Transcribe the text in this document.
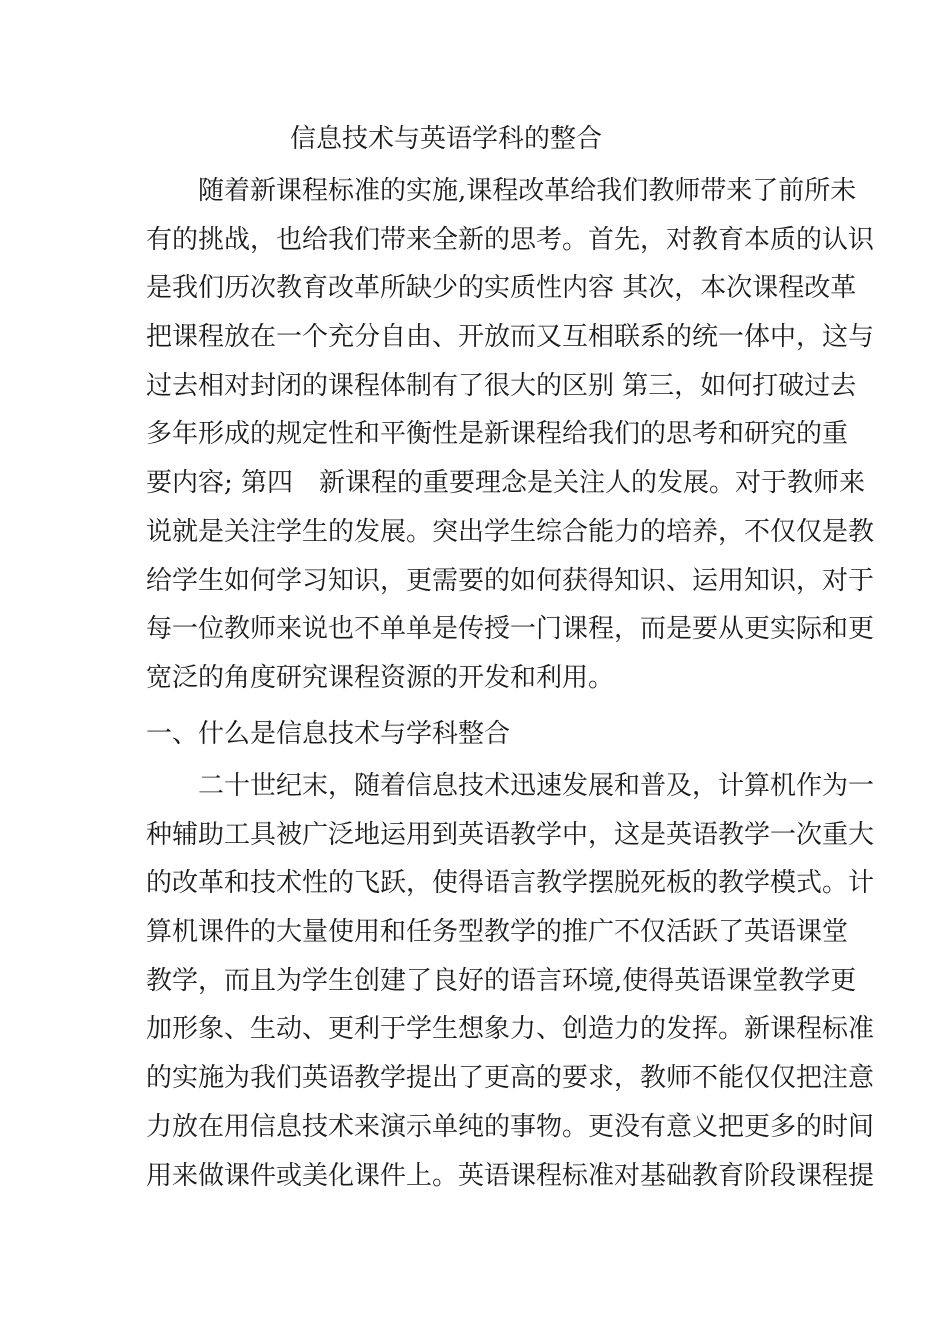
信息技术与英语学科的整合
随着新课程标准的实施,课程改革给我们教师带来了前所未
有的挑战，也给我们带来全新的思考。首先，对教育本质的认识
是我们历次教育改革所缺少的实质性内容 其次，本次课程改革
把课程放在一个充分自由、开放而又互相联系的统一体中，这与
过去相对封闭的课程体制有了很大的区别 第三，如何打破过去
多年形成的规定性和平衡性是新课程给我们的思考和研究的重
要内容; 第四　新课程的重要理念是关注人的发展。对于教师来
说就是关注学生的发展。突出学生综合能力的培养，不仅仅是教
给学生如何学习知识，更需要的如何获得知识、运用知识，对于
每一位教师来说也不单单是传授一门课程，而是要从更实际和更
宽泛的角度研究课程资源的开发和利用。
一、什么是信息技术与学科整合
二十世纪末，随着信息技术迅速发展和普及，计算机作为一
种辅助工具被广泛地运用到英语教学中，这是英语教学一次重大
的改革和技术性的飞跃，使得语言教学摆脱死板的教学模式。计
算机课件的大量使用和任务型教学的推广不仅活跃了英语课堂
教学，而且为学生创建了良好的语言环境,使得英语课堂教学更
加形象、生动、更利于学生想象力、创造力的发挥。新课程标准
的实施为我们英语教学提出了更高的要求，教师不能仅仅把注意
力放在用信息技术来演示单纯的事物。更没有意义把更多的时间
用来做课件或美化课件上。英语课程标准对基础教育阶段课程提
